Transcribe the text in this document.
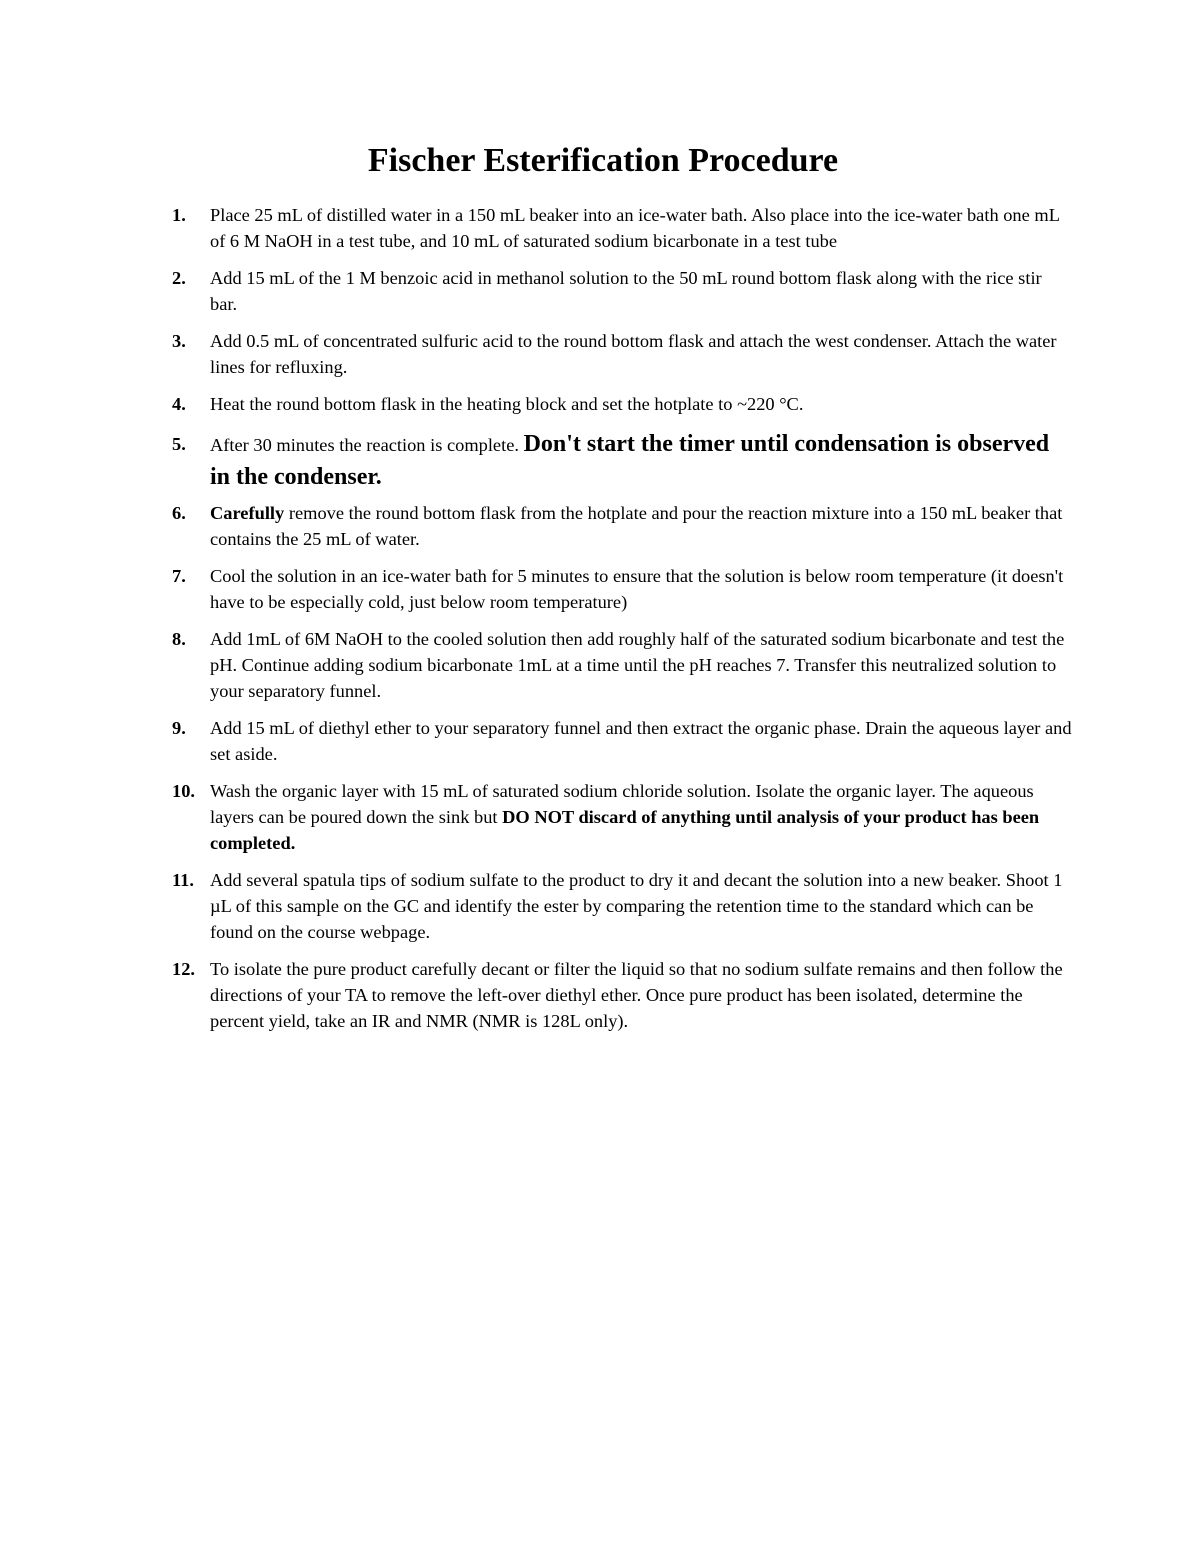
Fischer Esterification Procedure
1. Place 25 mL of distilled water in a 150 mL beaker into an ice-water bath. Also place into the ice-water bath one mL of 6 M NaOH in a test tube, and 10 mL of saturated sodium bicarbonate in a test tube
2. Add 15 mL of the 1 M benzoic acid in methanol solution to the 50 mL round bottom flask along with the rice stir bar.
3. Add 0.5 mL of concentrated sulfuric acid to the round bottom flask and attach the west condenser. Attach the water lines for refluxing.
4. Heat the round bottom flask in the heating block and set the hotplate to ~220 °C.
5. After 30 minutes the reaction is complete. Don't start the timer until condensation is observed in the condenser.
6. Carefully remove the round bottom flask from the hotplate and pour the reaction mixture into a 150 mL beaker that contains the 25 mL of water.
7. Cool the solution in an ice-water bath for 5 minutes to ensure that the solution is below room temperature (it doesn't have to be especially cold, just below room temperature)
8. Add 1mL of 6M NaOH to the cooled solution then add roughly half of the saturated sodium bicarbonate and test the pH. Continue adding sodium bicarbonate 1mL at a time until the pH reaches 7. Transfer this neutralized solution to your separatory funnel.
9. Add 15 mL of diethyl ether to your separatory funnel and then extract the organic phase. Drain the aqueous layer and set aside.
10. Wash the organic layer with 15 mL of saturated sodium chloride solution. Isolate the organic layer. The aqueous layers can be poured down the sink but DO NOT discard of anything until analysis of your product has been completed.
11. Add several spatula tips of sodium sulfate to the product to dry it and decant the solution into a new beaker. Shoot 1 µL of this sample on the GC and identify the ester by comparing the retention time to the standard which can be found on the course webpage.
12. To isolate the pure product carefully decant or filter the liquid so that no sodium sulfate remains and then follow the directions of your TA to remove the left-over diethyl ether. Once pure product has been isolated, determine the percent yield, take an IR and NMR (NMR is 128L only).
